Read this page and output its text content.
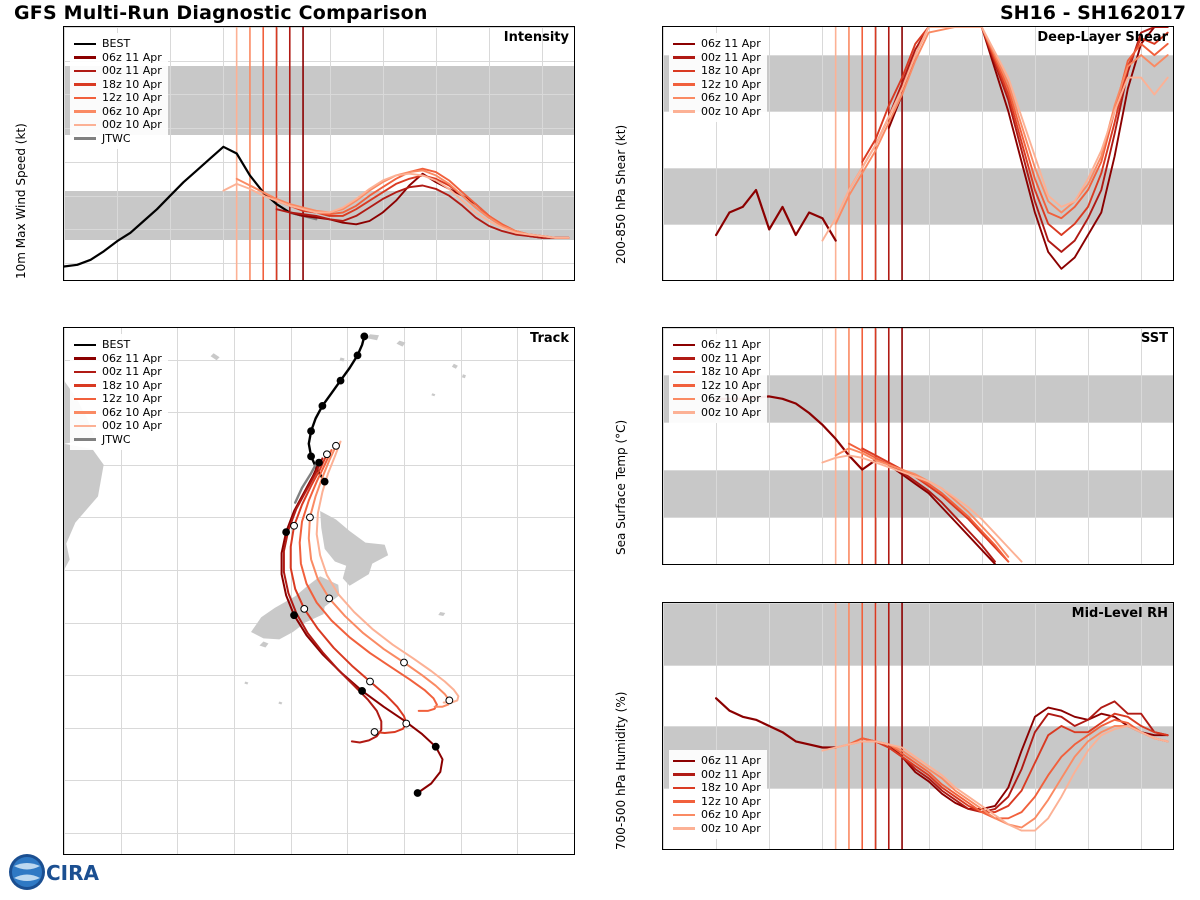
GFS Multi-Run Diagnostic Comparison	SH16 - SH162017
10m Max Wind Speed (kt)
Intensity

BEST
06z 11 Apr
00z 11 Apr
18z 10 Apr
12z 10 Apr
06z 10 Apr
00z 10 Apr
JTWC
Track
BEST
06z 11 Apr
00z 11 Apr
18z 10 Apr
12z 10 Apr
06z 10 Apr
00z 10 Apr
JTWC
200-850 hPa Shear (kt)
Deep-Layer Shear

06z 11 Apr
00z 11 Apr
18z 10 Apr
12z 10 Apr
06z 10 Apr
00z 10 Apr
Sea Surface Temp (°C)
SST

06z 11 Apr
00z 11 Apr
18z 10 Apr
12z 10 Apr
06z 10 Apr
00z 10 Apr
700-500 hPa Humidity (%)
Mid-Level RH

06z 11 Apr
00z 11 Apr
18z 10 Apr
12z 10 Apr
06z 10 Apr
00z 10 Apr
CIRA
